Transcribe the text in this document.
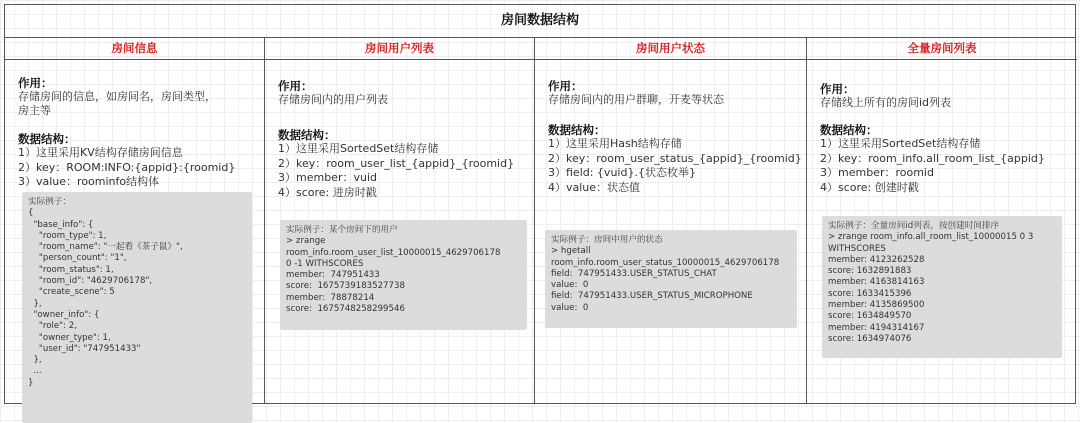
房间数据结构
房间信息
作用：
存储房间的信息，如房间名，房间类型，房主等
数据结构：
1）这里采用KV结构存储房间信息
2）key：ROOM:INFO:{appid}:{roomid}
3）value：roominfo结构体
实际例子：
{
"base_info": {
"room_type": 1,
"room_name": "一起看《茶子鼠》",
"person_count": "1",
"room_status": 1,
"room_id": "4629706178",
"create_scene": 5
},
"owner_info": {
"role": 2,
"owner_type": 1,
"user_id": "747951433"
},
...
}
房间用户列表
作用：
存储房间内的用户列表
数据结构：
1）这里采用SortedSet结构存储
2）key：room_user_list_{appid}_{roomid}
3）member：vuid
4）score: 进房时戳
实际例子：某个房间下的用户
> zrange
room_info.room_user_list_10000015_4629706178
0 -1 WITHSCORES
member:  747951433
score:  1675739183527738
member:  78878214
score:  1675748258299546
房间用户状态
作用：
存储房间内的用户群聊，开麦等状态
数据结构：
1）这里采用Hash结构存储
2）key：room_user_status_{appid}_{roomid}
3）field: {vuid}.{状态枚举}
4）value：状态值
实际例子：房间中用户的状态
> hgetall
room_info.room_user_status_10000015_4629706178
field:  747951433.USER_STATUS_CHAT
value:  0
field:  747951433.USER_STATUS_MICROPHONE
value:  0
全量房间列表
作用：
存储线上所有的房间id列表
数据结构：
1）这里采用SortedSet结构存储
2）key：room_info.all_room_list_{appid}
3）member：roomid
4）score: 创建时戳
实际例子：全量房间id列表，按创建时间排序
> zrange room_info.all_room_list_10000015 0 3
WITHSCORES
member: 4123262528
score: 1632891883
member: 4163814163
score: 1633415396
member: 4135869500
score: 1634849570
member: 4194314167
score: 1634974076
